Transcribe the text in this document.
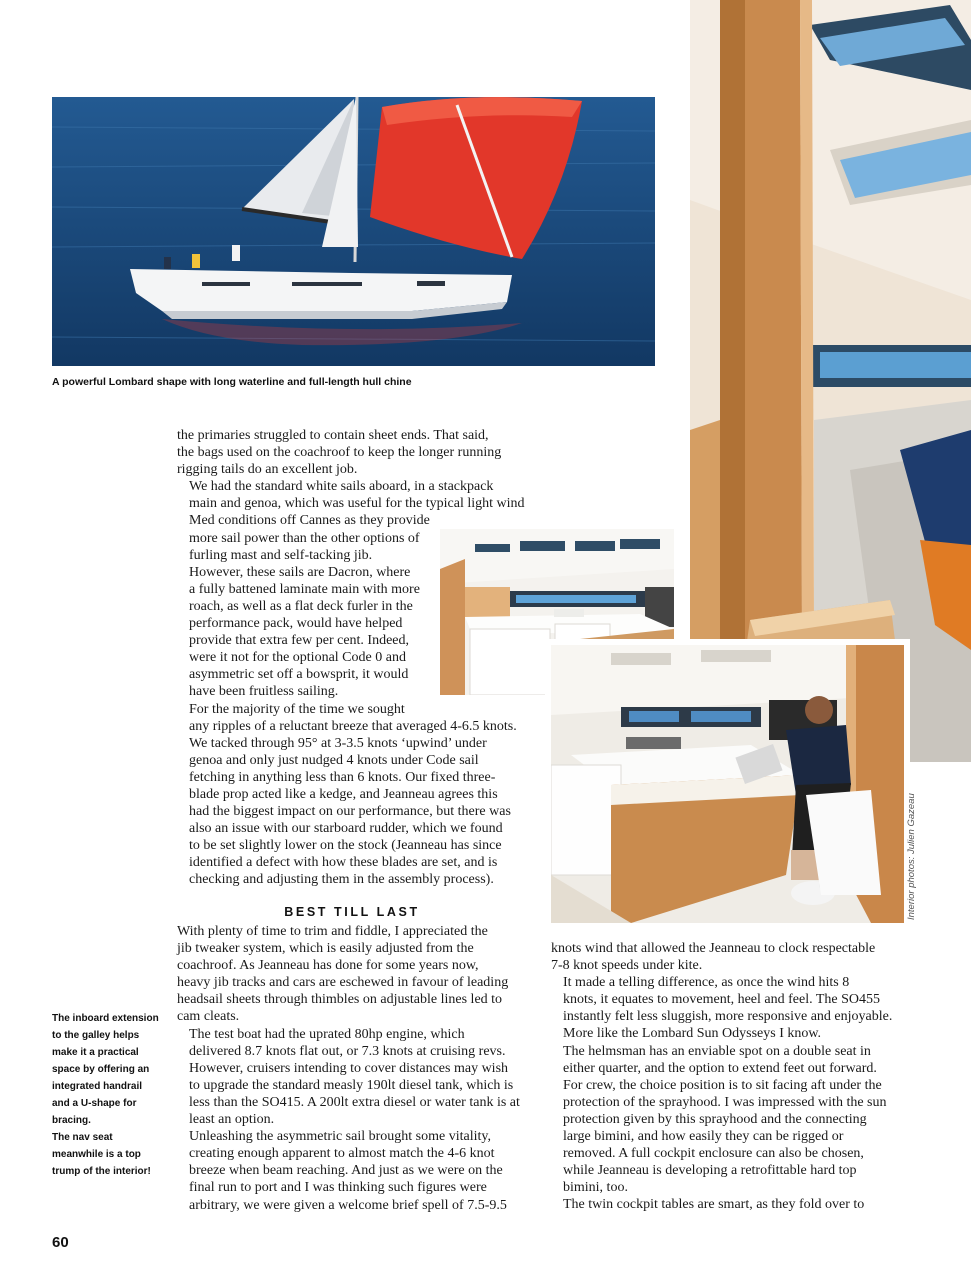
A powerful Lombard shape with long waterline and full-length hull chine
Interior photos: Julien Gazeau

The inboard extension to the galley helps make it a practical space by offering an integrated handrail and a U-shape for bracing.

The nav seat meanwhile is a top trump of the interior!

the primaries struggled to contain sheet ends. That said,
the bags used on the coachroof to keep the longer running
rigging tails do an excellent job.

We had the standard white sails aboard, in a stackpack
main and genoa, which was useful for the typical light wind
Med conditions off Cannes as they provide
more sail power than the other options of
furling mast and self-tacking jib.

However, these sails are Dacron, where
a fully battened laminate main with more
roach, as well as a flat deck furler in the
performance pack, would have helped
provide that extra few per cent. Indeed,
were it not for the optional Code 0 and
asymmetric set off a bowsprit, it would
have been fruitless sailing.

For the majority of the time we sought
any ripples of a reluctant breeze that averaged 4-6.5 knots.
We tacked through 95° at 3-3.5 knots ‘upwind’ under
genoa and only just nudged 4 knots under Code sail
fetching in anything less than 6 knots. Our fixed three-
blade prop acted like a kedge, and Jeanneau agrees this
had the biggest impact on our performance, but there was
also an issue with our starboard rudder, which we found
to be set slightly lower on the stock (Jeanneau has since
identified a defect with how these blades are set, and is
checking and adjusting them in the assembly process).

BEST TILL LAST

With plenty of time to trim and fiddle, I appreciated the
jib tweaker system, which is easily adjusted from the
coachroof. As Jeanneau has done for some years now,
heavy jib tracks and cars are eschewed in favour of leading
headsail sheets through thimbles on adjustable lines led to
cam cleats.

The test boat had the uprated 80hp engine, which
delivered 8.7 knots flat out, or 7.3 knots at cruising revs.
However, cruisers intending to cover distances may wish
to upgrade the standard measly 190lt diesel tank, which is
less than the SO415. A 200lt extra diesel or water tank is at
least an option.

Unleashing the asymmetric sail brought some vitality,
creating enough apparent to almost match the 4-6 knot
breeze when beam reaching. And just as we were on the
final run to port and I was thinking such figures were
arbitrary, we were given a welcome brief spell of 7.5-9.5

knots wind that allowed the Jeanneau to clock respectable
7-8 knot speeds under kite.

It made a telling difference, as once the wind hits 8
knots, it equates to movement, heel and feel. The SO455
instantly felt less sluggish, more responsive and enjoyable.
More like the Lombard Sun Odysseys I know.

The helmsman has an enviable spot on a double seat in
either quarter, and the option to extend feet out forward.
For crew, the choice position is to sit facing aft under the
protection of the sprayhood. I was impressed with the sun
protection given by this sprayhood and the connecting
large bimini, and how easily they can be rigged or
removed. A full cockpit enclosure can also be chosen,
while Jeanneau is developing a retrofittable hard top
bimini, too.

The twin cockpit tables are smart, as they fold over to

60
